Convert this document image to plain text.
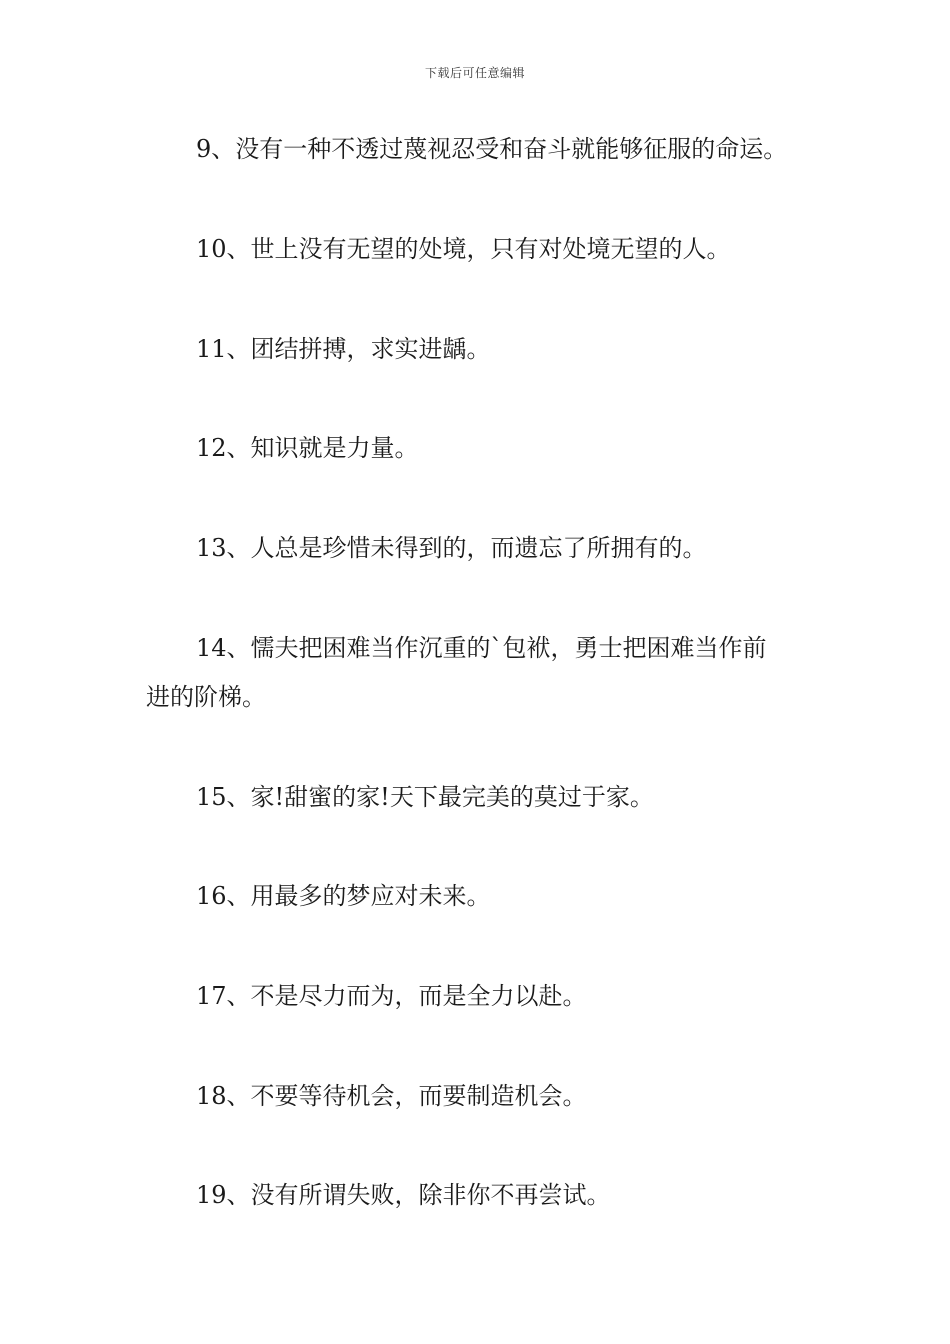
下载后可任意编辑
9、没有一种不透过蔑视忍受和奋斗就能够征服的命运。
10、世上没有无望的处境，只有对处境无望的人。
11、团结拼搏，求实进龋。
12、知识就是力量。
13、人总是珍惜未得到的，而遗忘了所拥有的。
14、懦夫把困难当作沉重的`包袱，勇士把困难当作前
进的阶梯。
15、家!甜蜜的家!天下最完美的莫过于家。
16、用最多的梦应对未来。
17、不是尽力而为，而是全力以赴。
18、不要等待机会，而要制造机会。
19、没有所谓失败，除非你不再尝试。
